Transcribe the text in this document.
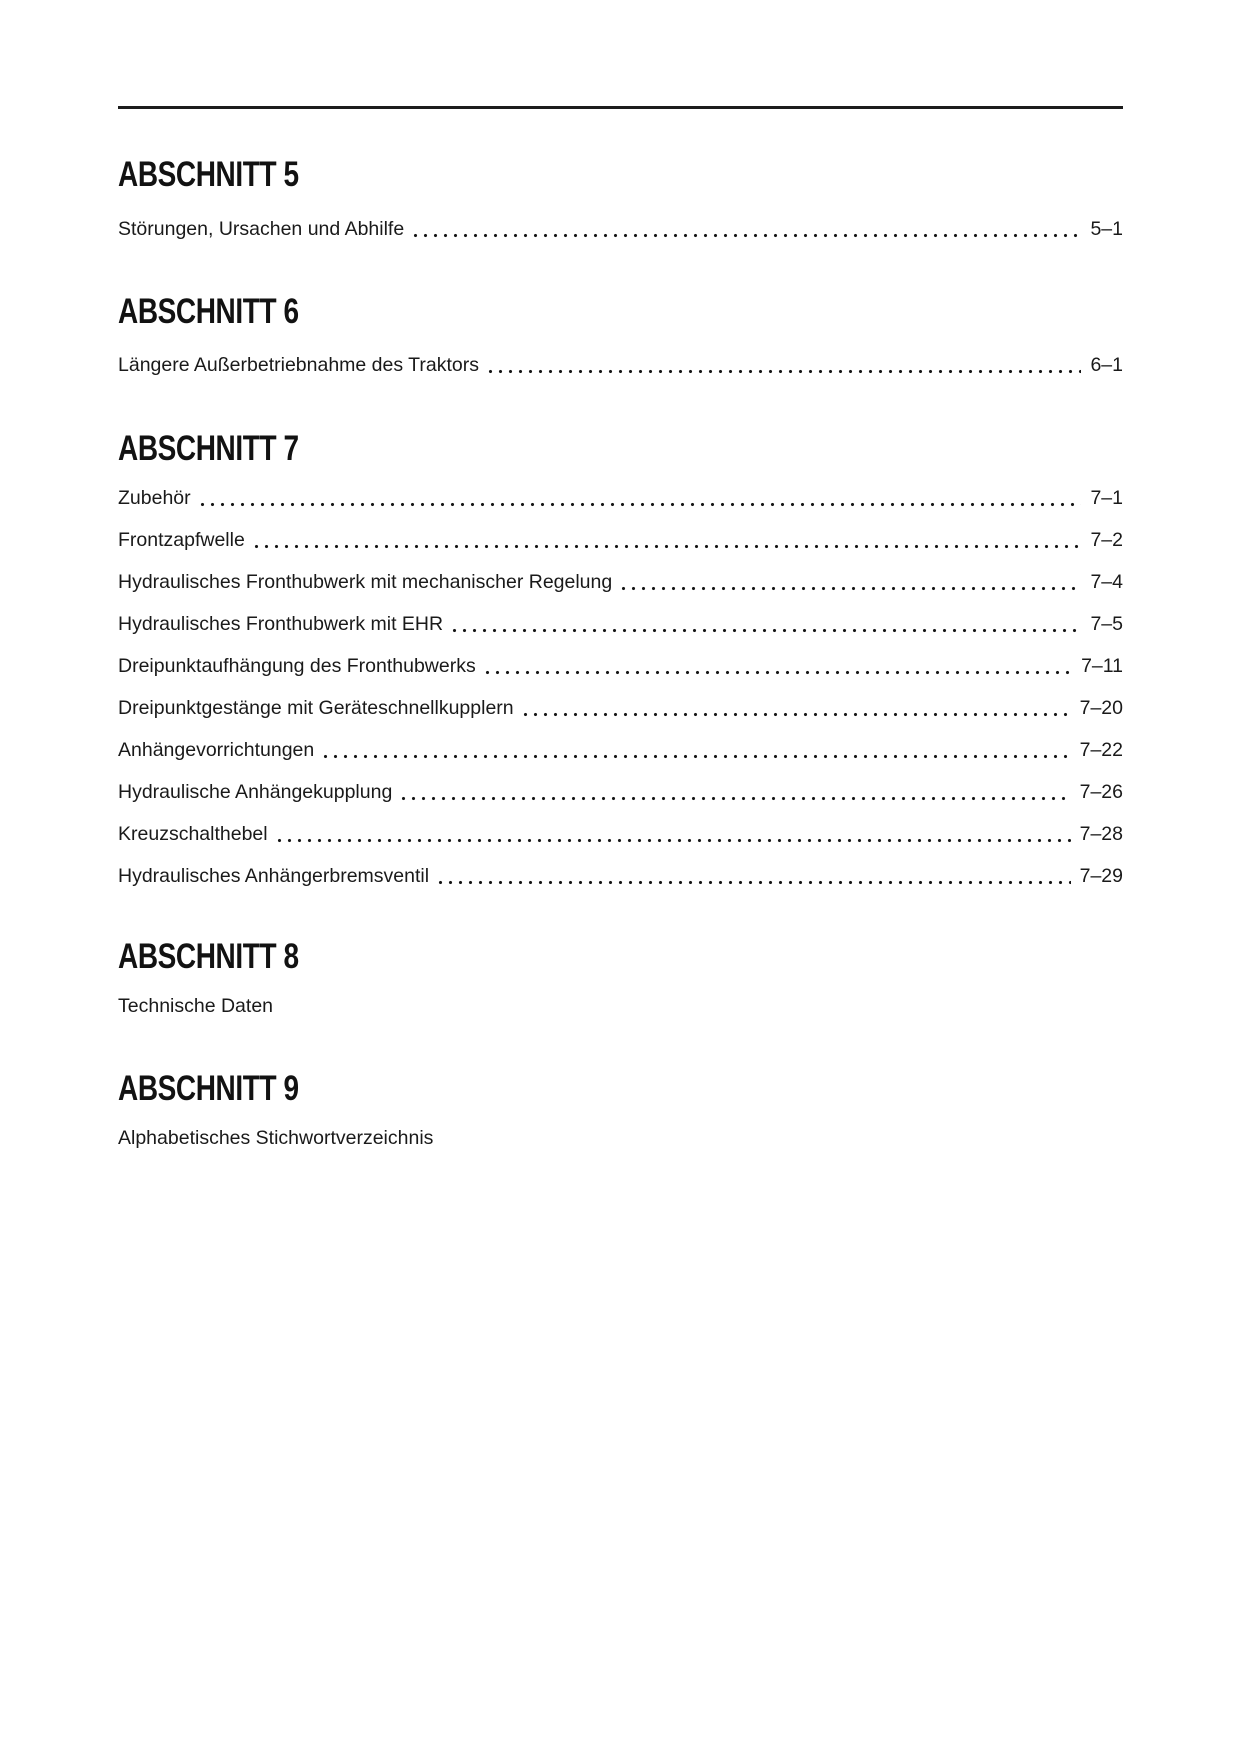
ABSCHNITT 5
Störungen, Ursachen und Abhilfe	5–1
ABSCHNITT 6
Längere Außerbetriebnahme des Traktors	6–1
ABSCHNITT 7
Zubehör	7–1
Frontzapfwelle	7–2
Hydraulisches Fronthubwerk mit mechanischer Regelung	7–4
Hydraulisches Fronthubwerk mit EHR	7–5
Dreipunktaufhängung des Fronthubwerks	7–11
Dreipunktgestänge mit Geräteschnellkupplern	7–20
Anhängevorrichtungen	7–22
Hydraulische Anhängekupplung	7–26
Kreuzschalthebel	7–28
Hydraulisches Anhängerbremsventil	7–29
ABSCHNITT 8
Technische Daten
ABSCHNITT 9
Alphabetisches Stichwortverzeichnis
